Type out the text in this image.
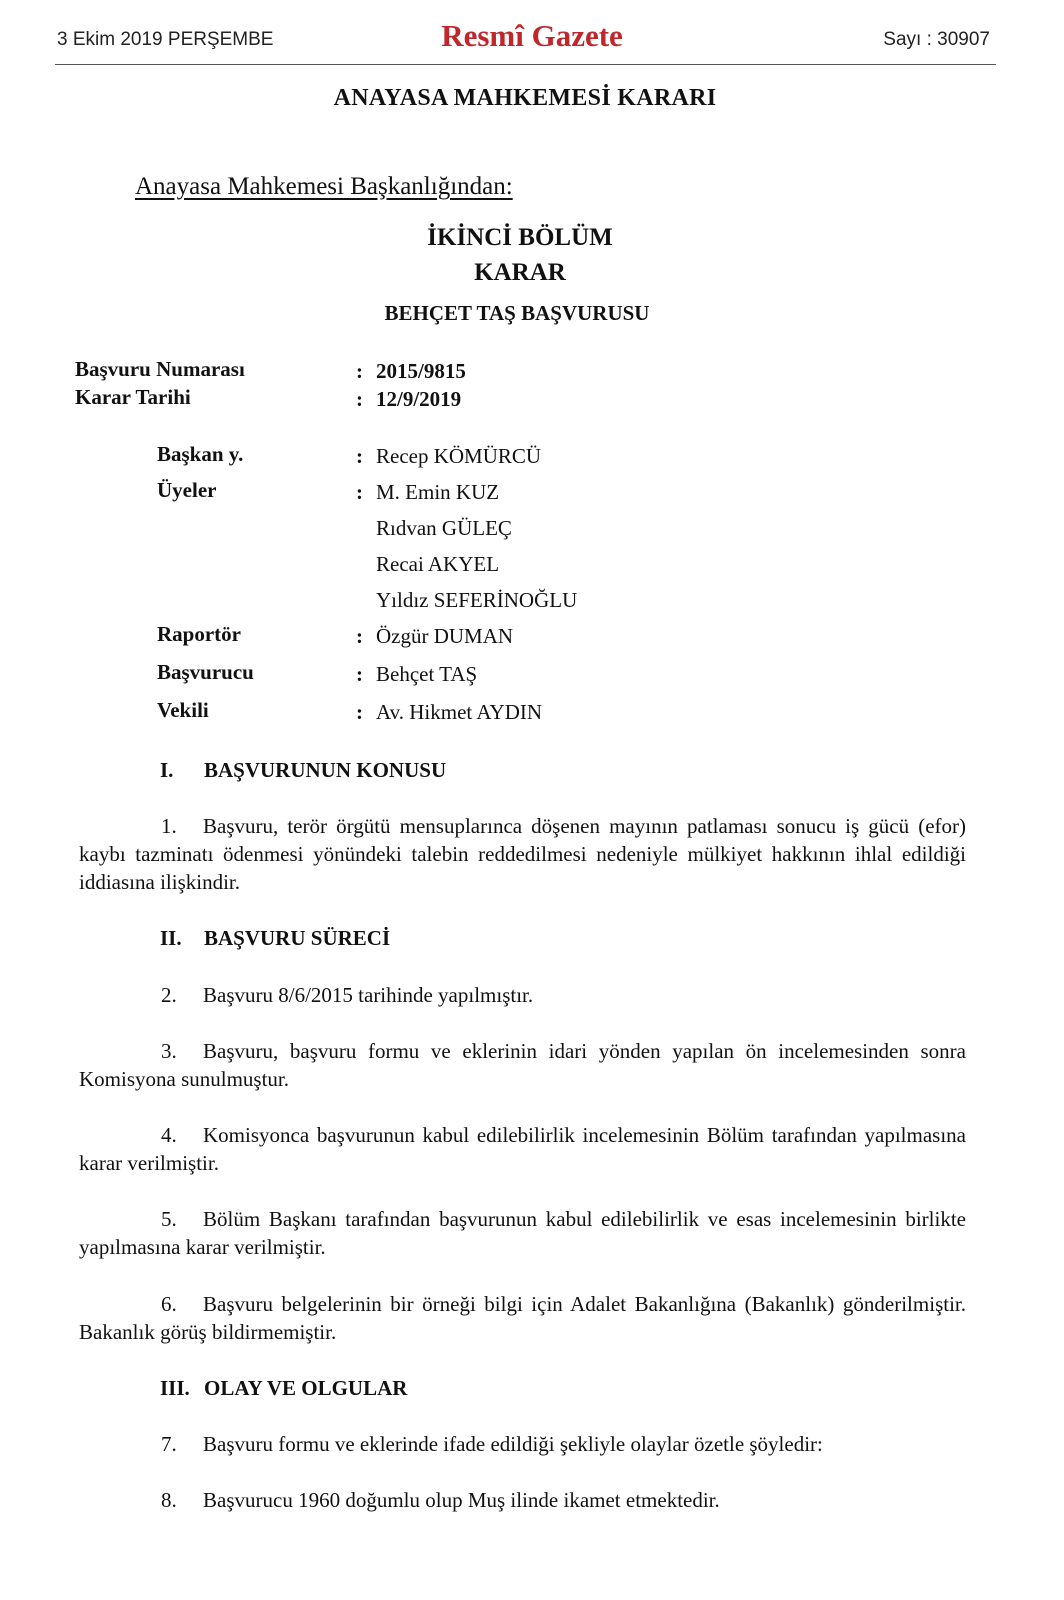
3 Ekim 2019 PERŞEMBE	Resmî Gazete	Sayı : 30907
ANAYASA MAHKEMESİ KARARI
Anayasa Mahkemesi Başkanlığından:
İKİNCİ BÖLÜM
KARAR
BEHÇET TAŞ BAŞVURUSU
Başvuru Numarası	: 2015/9815
Karar Tarihi	: 12/9/2019
Başkan y.	: Recep KÖMÜRCÜ
Üyeler	: M. Emin KUZ
Rıdvan GÜLEÇ
Recai AKYEL
Yıldız SEFERİNOĞLU
Raportör	: Özgür DUMAN
Başvurucu	: Behçet TAŞ
Vekili	: Av. Hikmet AYDIN
I. BAŞVURUNUN KONUSU
1. Başvuru, terör örgütü mensuplarınca döşenen mayının patlaması sonucu iş gücü (efor) kaybı tazminatı ödenmesi yönündeki talebin reddedilmesi nedeniyle mülkiyet hakkının ihlal edildiği iddiasına ilişkindir.
II. BAŞVURU SÜRECİ
2. Başvuru 8/6/2015 tarihinde yapılmıştır.
3. Başvuru, başvuru formu ve eklerinin idari yönden yapılan ön incelemesinden sonra Komisyona sunulmuştur.
4. Komisyonca başvurunun kabul edilebilirlik incelemesinin Bölüm tarafından yapılmasına karar verilmiştir.
5. Bölüm Başkanı tarafından başvurunun kabul edilebilirlik ve esas incelemesinin birlikte yapılmasına karar verilmiştir.
6. Başvuru belgelerinin bir örneği bilgi için Adalet Bakanlığına (Bakanlık) gönderilmiştir. Bakanlık görüş bildirmemiştir.
III. OLAY VE OLGULAR
7. Başvuru formu ve eklerinde ifade edildiği şekliyle olaylar özetle şöyledir:
8. Başvurucu 1960 doğumlu olup Muş ilinde ikamet etmektedir.
